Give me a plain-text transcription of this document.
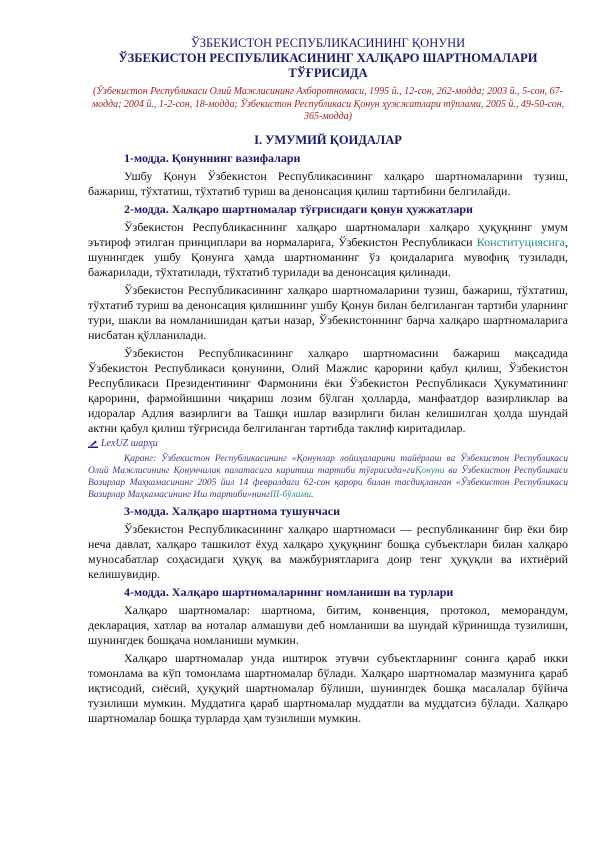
ЎЗБЕКИСТОН РЕСПУБЛИКАСИНИНГ ҚОНУНИ
ЎЗБЕКИСТОН РЕСПУБЛИКАСИНИНГ ХАЛҚАРО ШАРТНОМАЛАРИ
ТЎҒРИСИДА
(Ўзбекистон Республикаси Олий Мажлисининг Ахборотномаси, 1995 й., 12-сон, 262-модда; 2003 й., 5-сон, 67-модда; 2004 й., 1-2-сон, 18-модда; Ўзбекистон Республикаси Қонун ҳужжатлари тўплами, 2005 й., 49-50-сон, 365-модда)
I. УМУМИЙ ҚОИДАЛАР
1-модда. Қонуннинг вазифалари
Ушбу Қонун Ўзбекистон Республикасининг халқаро шартномаларини тузиш, бажариш, тўхтатиш, тўхтатиб туриш ва денонсация қилиш тартибини белгилайди.
2-модда. Халқаро шартномалар тўғрисидаги қонун ҳужжатлари
Ўзбекистон Республикасининг халқаро шартномалари халқаро ҳуқуқнинг умум эътироф этилган принциплари ва нормаларига, Ўзбекистон Республикаси Конституциясига, шунингдек ушбу Қонунга ҳамда шартноманинг ўз қоидаларига мувофиқ тузилади, бажарилади, тўхтатилади, тўхтатиб турилади ва денонсация қилинади.
Ўзбекистон Республикасининг халқаро шартномаларини тузиш, бажариш, тўхтатиш, тўхтатиб туриш ва денонсация қилишнинг ушбу Қонун билан белгиланган тартиби уларнинг тури, шакли ва номланишидан қатъи назар, Ўзбекистоннинг барча халқаро шартномаларига нисбатан қўлланилади.
Ўзбекистон Республикасининг халқаро шартномасини бажариш мақсадида Ўзбекистон Республикаси қонунини, Олий Мажлис қарорини қабул қилиш, Ўзбекистон Республикаси Президентининг Фармонини ёки Ўзбекистон Республикаси Ҳукуматининг қарорини, фармойишини чиқариш лозим бўлган ҳолларда, манфаатдор вазирликлар ва идоралар Адлия вазирлиги ва Ташқи ишлар вазирлиги билан келишилган ҳолда шундай актни қабул қилиш тўғрисида белгиланган тартибда таклиф киритадилар.
LexUZ шарҳи
Қаранг: Ўзбекистон Республикасининг «Қонунлар лойиҳаларини тайёрлаш ва Ўзбекистон Республикаси Олий Мажлисининг Қонунчилик палатасига киритиш тартиби тўғрисида»гиҚонуни ва Ўзбекистон Республикаси Вазирлар Маҳкамасининг 2005 йил 14 февралдаги 62-сон қарори билан тасдиқланган «Ўзбекистон Республикаси Вазирлар Маҳкамасининг Иш тартиби»нингIII-бўлими.
3-модда. Халқаро шартнома тушунчаси
Ўзбекистон Республикасининг халқаро шартномаси — республиканинг бир ёки бир неча давлат, халқаро ташкилот ёхуд халқаро ҳуқуқнинг бошқа субъектлари билан халқаро муносабатлар соҳасидаги ҳуқуқ ва мажбуриятларига доир тенг ҳуқуқли ва ихтиёрий келишувидир.
4-модда. Халқаро шартномаларнинг номланиши ва турлари
Халқаро шартномалар: шартнома, битим, конвенция, протокол, меморандум, декларация, хатлар ва ноталар алмашуви деб номланиши ва шундай кўринишда тузилиши, шунингдек бошқача номланиши мумкин.
Халқаро шартномалар унда иштирок этувчи субъектларнинг сонига қараб икки томонлама ва кўп томонлама шартномалар бўлади. Халқаро шартномалар мазмунига қараб иқтисодий, сиёсий, ҳуқуқий шартномалар бўлиши, шунингдек бошқа масалалар бўйича тузилиши мумкин. Муддатига қараб шартномалар муддатли ва муддатсиз бўлади. Халқаро шартномалар бошқа турларда ҳам тузилиши мумкин.
